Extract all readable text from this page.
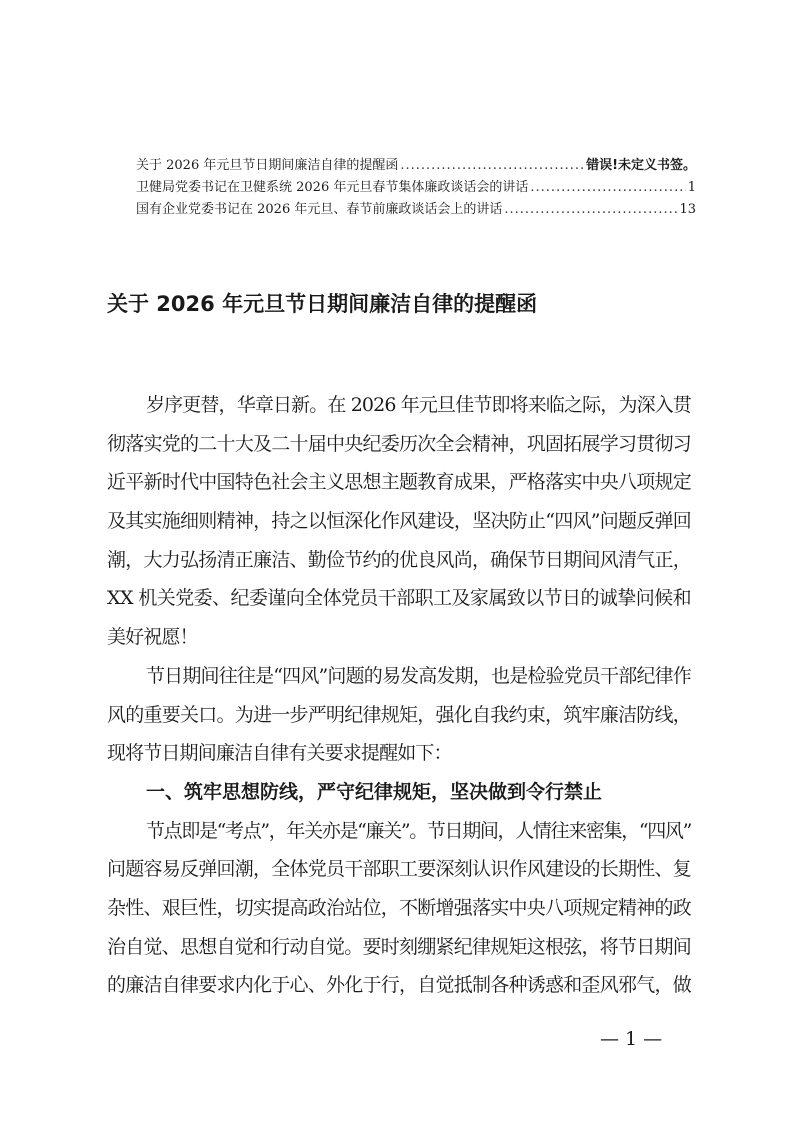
关于 2026 年元旦节日期间廉洁自律的提醒函 .....	错误!未定义书签。
卫健局党委书记在卫健系统 2026 年元旦春节集体廉政谈话会的讲话 .....	1
国有企业党委书记在 2026 年元旦、春节前廉政谈话会上的讲话 .....	13
关于 2026 年元旦节日期间廉洁自律的提醒函
岁序更替，华章日新。在 2026 年元旦佳节即将来临之际，为深入贯
彻落实党的二十大及二十届中央纪委历次全会精神，巩固拓展学习贯彻习
近平新时代中国特色社会主义思想主题教育成果，严格落实中央八项规定
及其实施细则精神，持之以恒深化作风建设，坚决防止“四风”问题反弹回
潮，大力弘扬清正廉洁、勤俭节约的优良风尚，确保节日期间风清气正，
XX 机关党委、纪委谨向全体党员干部职工及家属致以节日的诚挚问候和
美好祝愿！
节日期间往往是“四风”问题的易发高发期，也是检验党员干部纪律作
风的重要关口。为进一步严明纪律规矩，强化自我约束，筑牢廉洁防线，
现将节日期间廉洁自律有关要求提醒如下：
一、筑牢思想防线，严守纪律规矩，坚决做到令行禁止
节点即是“考点”，年关亦是“廉关”。节日期间，人情往来密集，“四风”
问题容易反弹回潮，全体党员干部职工要深刻认识作风建设的长期性、复
杂性、艰巨性，切实提高政治站位，不断增强落实中央八项规定精神的政
治自觉、思想自觉和行动自觉。要时刻绷紧纪律规矩这根弦，将节日期间
的廉洁自律要求内化于心、外化于行，自觉抵制各种诱惑和歪风邪气，做
— 1 —
